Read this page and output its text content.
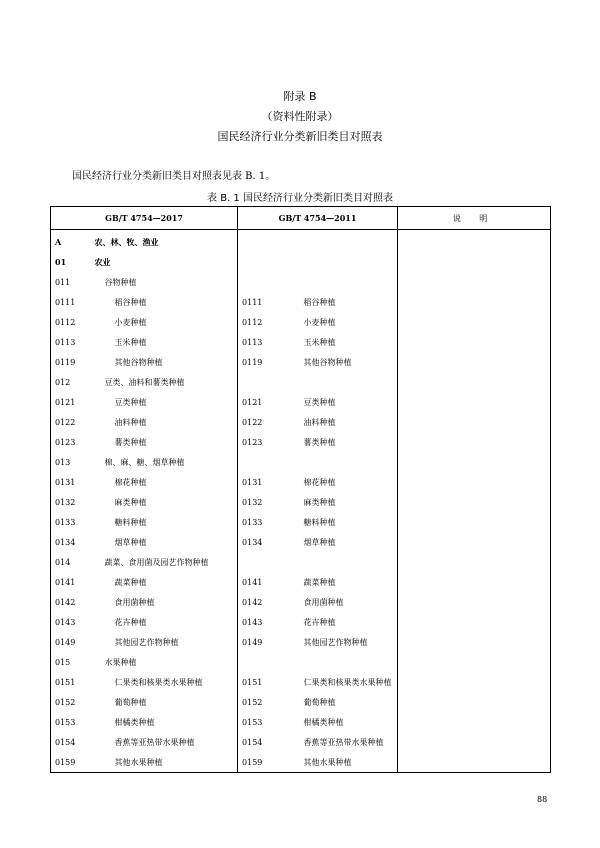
附录 B
（资料性附录）
国民经济行业分类新旧类目对照表
国民经济行业分类新旧类目对照表见表 B. 1。
表 B. 1 国民经济行业分类新旧类目对照表
GB/T 4754—2017		GB/T 4754—2011		说 明
A	农、林、牧、渔业			
01	农业			
011	谷物种植			
0111	稻谷种植	0111	稻谷种植	
0112	小麦种植	0112	小麦种植	
0113	玉米种植	0113	玉米种植	
0119	其他谷物种植	0119	其他谷物种植	
012	豆类、油料和薯类种植			
0121	豆类种植	0121	豆类种植	
0122	油料种植	0122	油料种植	
0123	薯类种植	0123	薯类种植	
013	棉、麻、糖、烟草种植			
0131	棉花种植	0131	棉花种植	
0132	麻类种植	0132	麻类种植	
0133	糖料种植	0133	糖料种植	
0134	烟草种植	0134	烟草种植	
014	蔬菜、食用菌及园艺作物种植			
0141	蔬菜种植	0141	蔬菜种植	
0142	食用菌种植	0142	食用菌种植	
0143	花卉种植	0143	花卉种植	
0149	其他园艺作物种植	0149	其他园艺作物种植	
015	水果种植			
0151	仁果类和核果类水果种植	0151	仁果类和核果类水果种植	
0152	葡萄种植	0152	葡萄种植	
0153	柑橘类种植	0153	柑橘类种植	
0154	香蕉等亚热带水果种植	0154	香蕉等亚热带水果种植	
0159	其他水果种植	0159	其他水果种植	
88
